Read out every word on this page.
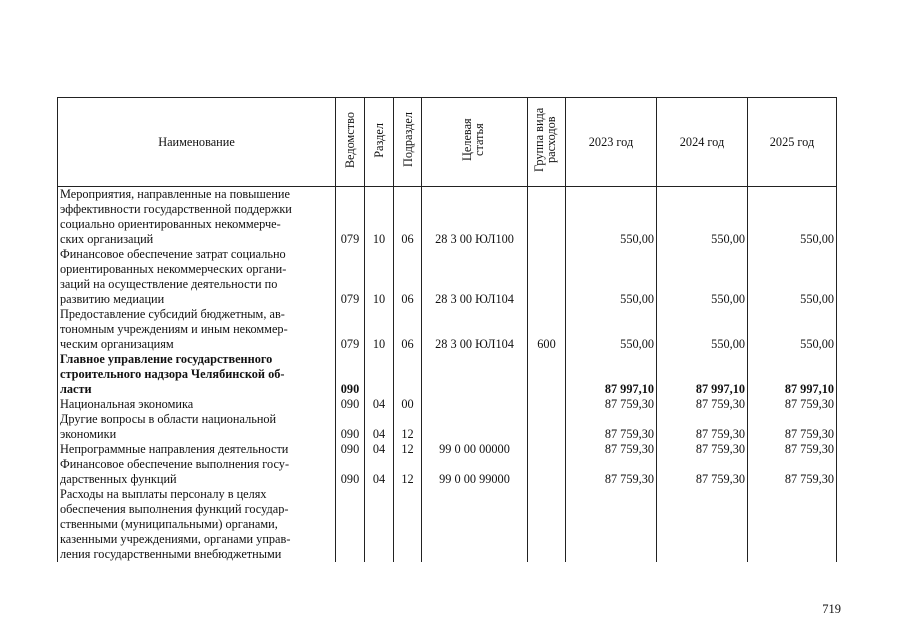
Наименование	Ведомство	Раздел	Подраздел	Целевая статья	Группа вида расходов	2023 год	2024 год	2025 год

Мероприятия, направленные на повышение
эффективности государственной поддержки
социально ориентированных некоммерче-
ских организаций	079	10	06	28 3 00 ЮЛ100		550,00	550,00	550,00

Финансовое обеспечение затрат социально
ориентированных некоммерческих органи-
заций на осуществление деятельности по
развитию медиации	079	10	06	28 3 00 ЮЛ104		550,00	550,00	550,00

Предоставление субсидий бюджетным, ав-
тономным учреждениям и иным некоммер-
ческим организациям	079	10	06	28 3 00 ЮЛ104	600	550,00	550,00	550,00

Главное управление государственного
строительного надзора Челябинской об-
ласти	090					87 997,10	87 997,10	87 997,10

Национальная экономика	090	04	00			87 759,30	87 759,30	87 759,30

Другие вопросы в области национальной
экономики	090	04	12			87 759,30	87 759,30	87 759,30

Непрограммные направления деятельности	090	04	12	99 0 00 00000		87 759,30	87 759,30	87 759,30

Финансовое обеспечение выполнения госу-
дарственных функций	090	04	12	99 0 00 99000		87 759,30	87 759,30	87 759,30

Расходы на выплаты персоналу в целях
обеспечения выполнения функций государ-
ственными (муниципальными) органами,
казенными учреждениями, органами управ-
ления государственными внебюджетными								

719
